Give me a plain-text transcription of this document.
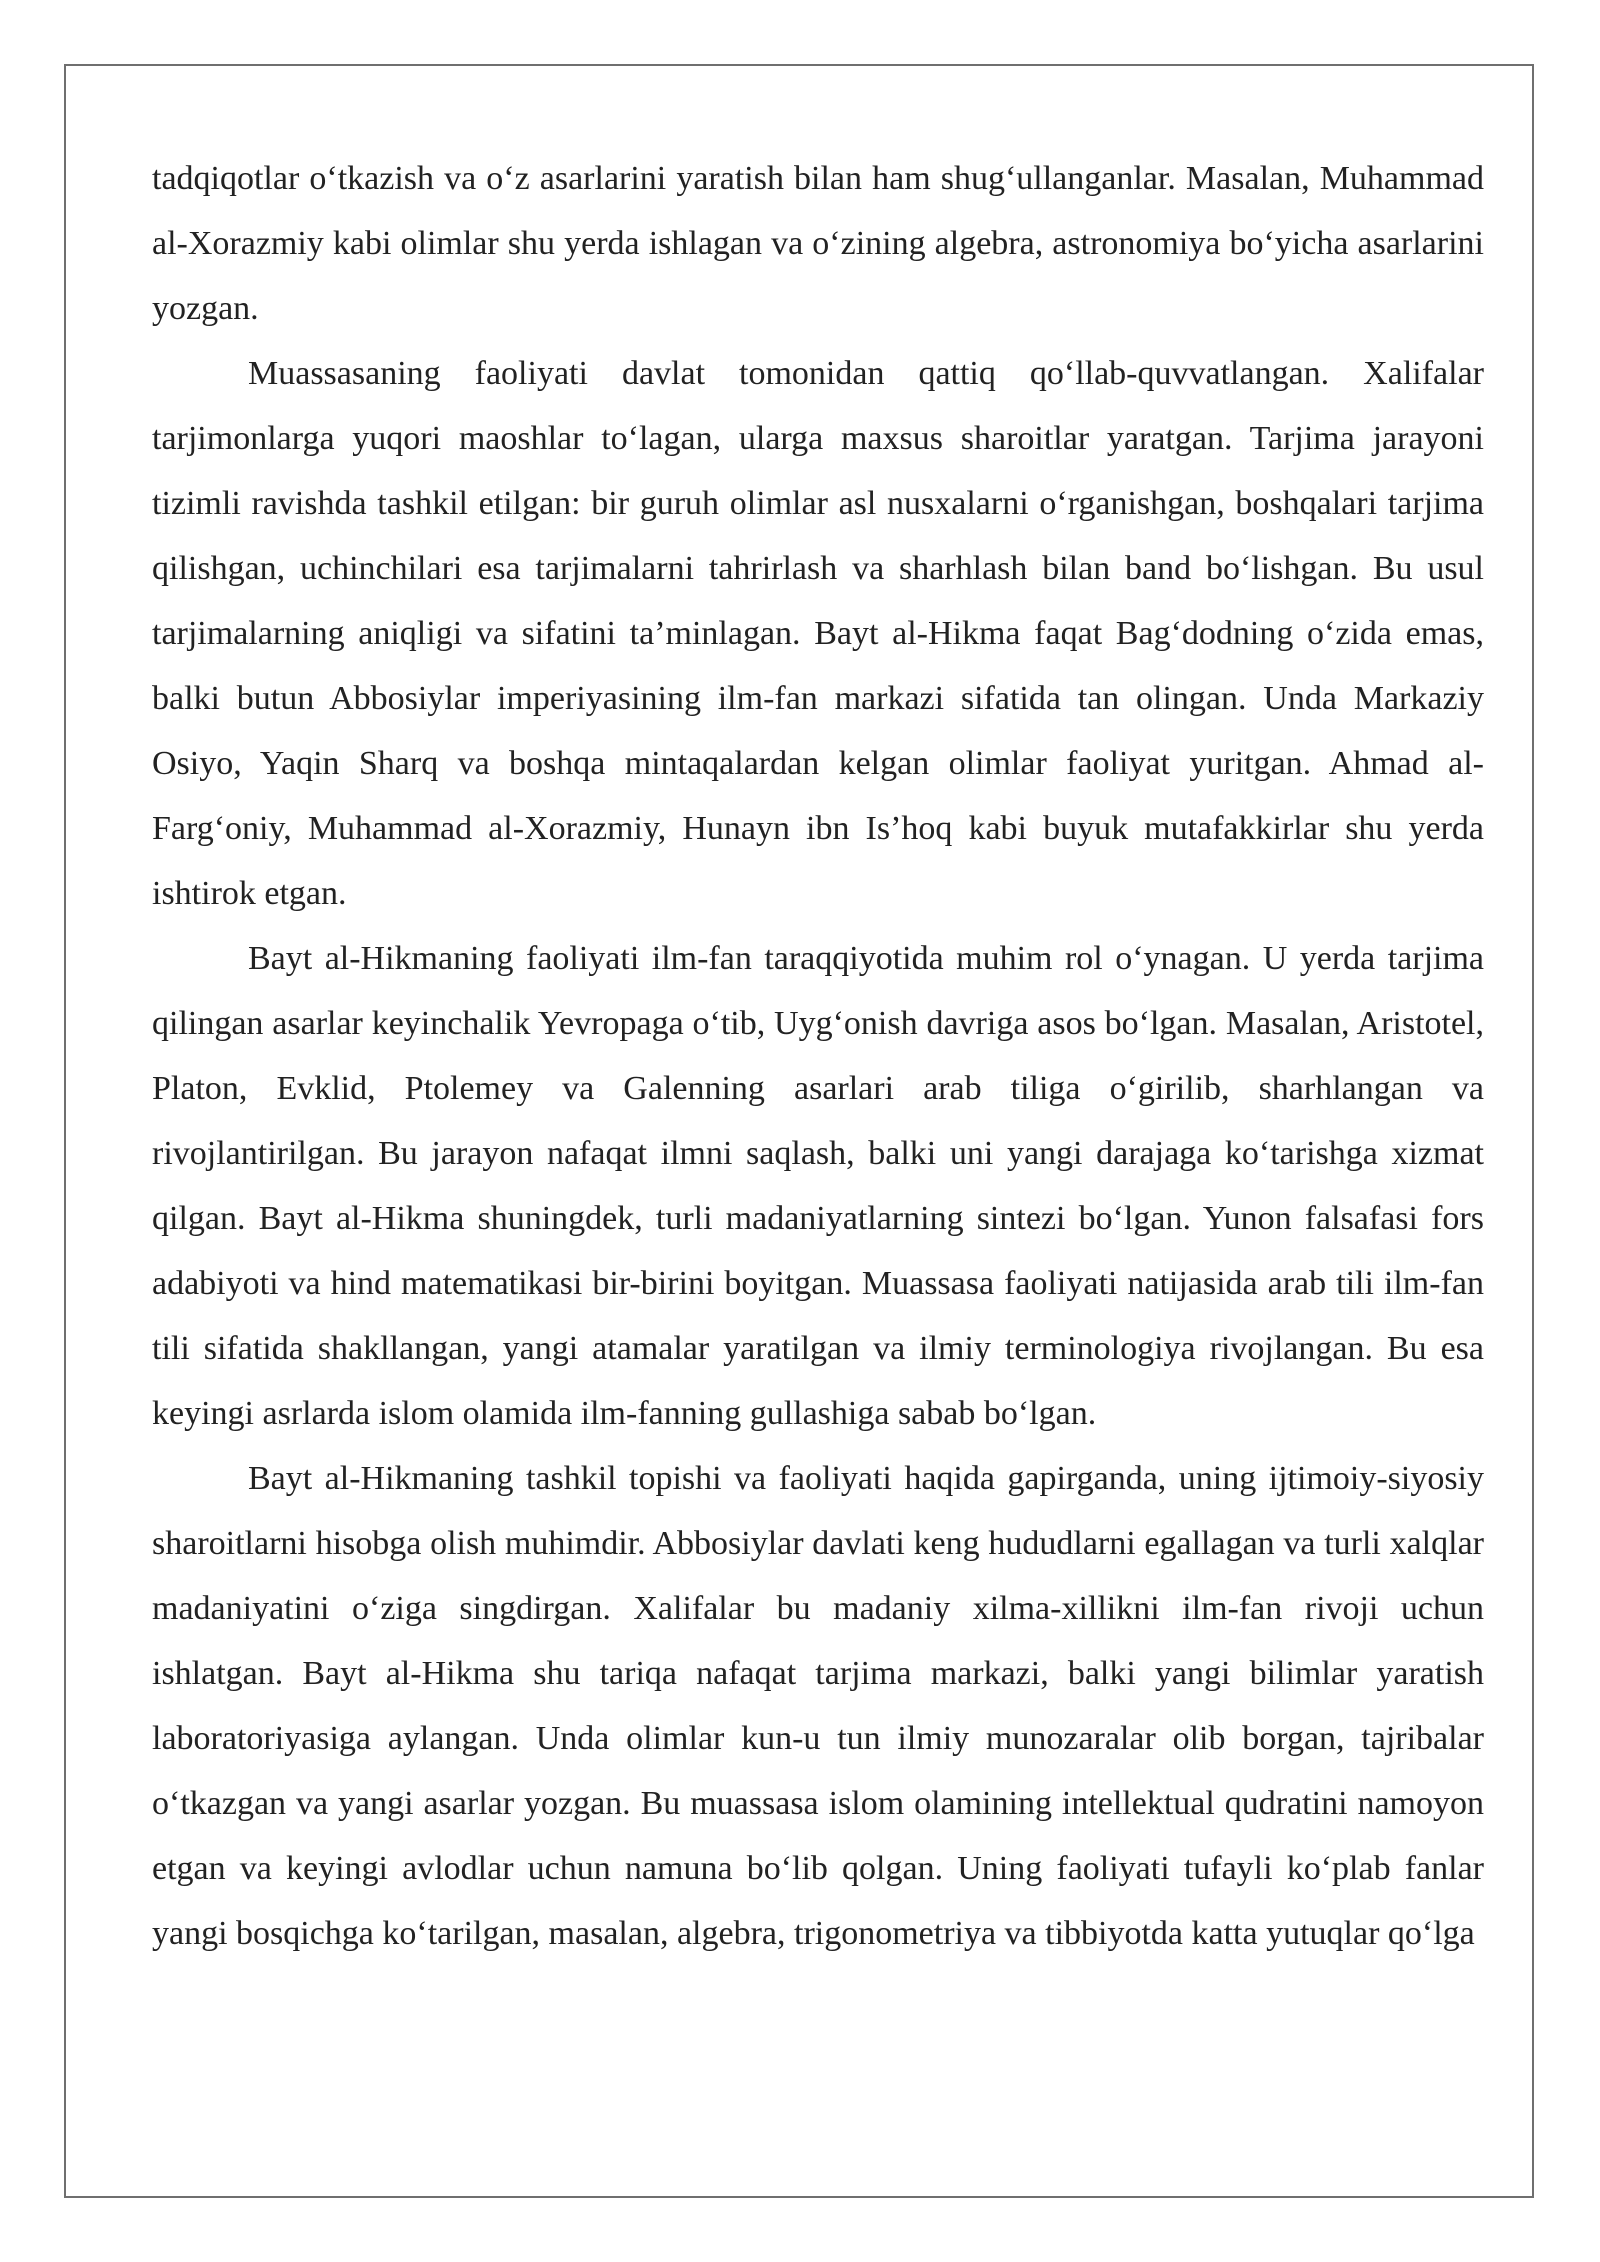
tadqiqotlar o‘tkazish va o‘z asarlarini yaratish bilan ham shug‘ullanganlar. Masalan, Muhammad al-Xorazmiy kabi olimlar shu yerda ishlagan va o‘zining algebra, astronomiya bo‘yicha asarlarini yozgan.

Muassasaning faoliyati davlat tomonidan qattiq qo‘llab-quvvatlangan. Xalifalar tarjimonlarga yuqori maoshlar to‘lagan, ularga maxsus sharoitlar yaratgan. Tarjima jarayoni tizimli ravishda tashkil etilgan: bir guruh olimlar asl nusxalarni o‘rganishgan, boshqalari tarjima qilishgan, uchinchilari esa tarjimalarni tahrirlash va sharhlash bilan band bo‘lishgan. Bu usul tarjimalarning aniqligi va sifatini ta’minlagan. Bayt al-Hikma faqat Bag‘dodning o‘zida emas, balki butun Abbosiylar imperiyasining ilm-fan markazi sifatida tan olingan. Unda Markaziy Osiyo, Yaqin Sharq va boshqa mintaqalardan kelgan olimlar faoliyat yuritgan. Ahmad al-Farg‘oniy, Muhammad al-Xorazmiy, Hunayn ibn Is’hoq kabi buyuk mutafakkirlar shu yerda ishtirok etgan.

Bayt al-Hikmaning faoliyati ilm-fan taraqqiyotida muhim rol o‘ynagan. U yerda tarjima qilingan asarlar keyinchalik Yevropaga o‘tib, Uyg‘onish davriga asos bo‘lgan. Masalan, Aristotel, Platon, Evklid, Ptolemey va Galenning asarlari arab tiliga o‘girilib, sharhlangan va rivojlantirilgan. Bu jarayon nafaqat ilmni saqlash, balki uni yangi darajaga ko‘tarishga xizmat qilgan. Bayt al-Hikma shuningdek, turli madaniyatlarning sintezi bo‘lgan. Yunon falsafasi fors adabiyoti va hind matematikasi bir-birini boyitgan. Muassasa faoliyati natijasida arab tili ilm-fan tili sifatida shakllangan, yangi atamalar yaratilgan va ilmiy terminologiya rivojlangan. Bu esa keyingi asrlarda islom olamida ilm-fanning gullashiga sabab bo‘lgan.

Bayt al-Hikmaning tashkil topishi va faoliyati haqida gapirganda, uning ijtimoiy-siyosiy sharoitlarni hisobga olish muhimdir. Abbosiylar davlati keng hududlarni egallagan va turli xalqlar madaniyatini o‘ziga singdirgan. Xalifalar bu madaniy xilma-xillikni ilm-fan rivoji uchun ishlatgan. Bayt al-Hikma shu tariqa nafaqat tarjima markazi, balki yangi bilimlar yaratish laboratoriyasiga aylangan. Unda olimlar kun-u tun ilmiy munozaralar olib borgan, tajribalar o‘tkazgan va yangi asarlar yozgan. Bu muassasa islom olamining intellektual qudratini namoyon etgan va keyingi avlodlar uchun namuna bo‘lib qolgan. Uning faoliyati tufayli ko‘plab fanlar yangi bosqichga ko‘tarilgan, masalan, algebra, trigonometriya va tibbiyotda katta yutuqlar qo‘lga
